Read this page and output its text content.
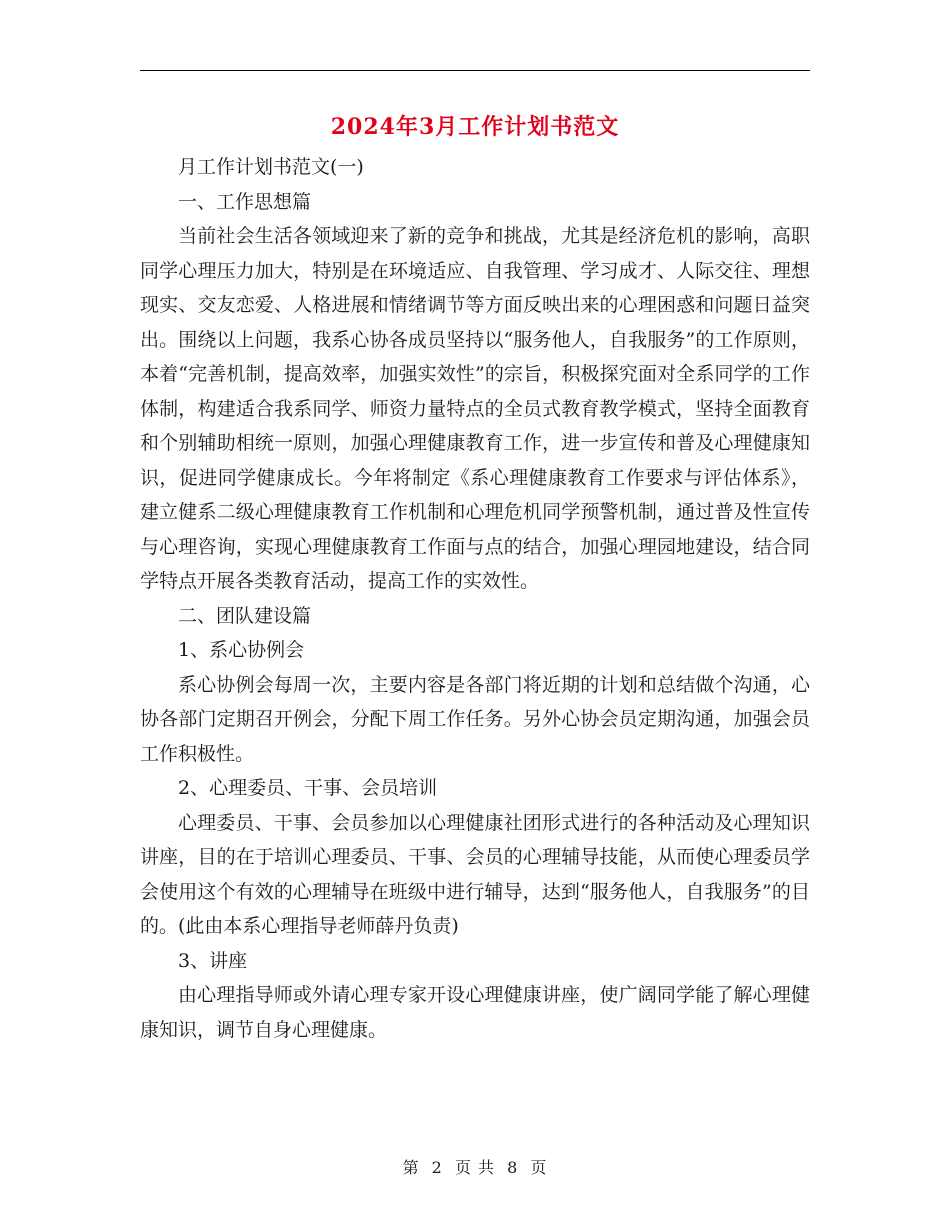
2024年3月工作计划书范文

月工作计划书范文(一)

一、工作思想篇

当前社会生活各领域迎来了新的竞争和挑战，尤其是经济危机的影响，高职同学心理压力加大，特别是在环境适应、自我管理、学习成才、人际交往、理想现实、交友恋爱、人格进展和情绪调节等方面反映出来的心理困惑和问题日益突出。围绕以上问题，我系心协各成员坚持以“服务他人，自我服务”的工作原则，本着“完善机制，提高效率，加强实效性”的宗旨，积极探究面对全系同学的工作体制，构建适合我系同学、师资力量特点的全员式教育教学模式，坚持全面教育和个别辅助相统一原则，加强心理健康教育工作，进一步宣传和普及心理健康知识，促进同学健康成长。今年将制定《系心理健康教育工作要求与评估体系》，建立健系二级心理健康教育工作机制和心理危机同学预警机制，通过普及性宣传与心理咨询，实现心理健康教育工作面与点的结合，加强心理园地建设，结合同学特点开展各类教育活动，提高工作的实效性。

二、团队建设篇

1、系心协例会

系心协例会每周一次，主要内容是各部门将近期的计划和总结做个沟通，心协各部门定期召开例会，分配下周工作任务。另外心协会员定期沟通，加强会员工作积极性。

2、心理委员、干事、会员培训

心理委员、干事、会员参加以心理健康社团形式进行的各种活动及心理知识讲座，目的在于培训心理委员、干事、会员的心理辅导技能，从而使心理委员学会使用这个有效的心理辅导在班级中进行辅导，达到“服务他人，自我服务”的目的。(此由本系心理指导老师薛丹负责)

3、讲座

由心理指导师或外请心理专家开设心理健康讲座，使广阔同学能了解心理健康知识，调节自身心理健康。

第 2 页 共 8 页
